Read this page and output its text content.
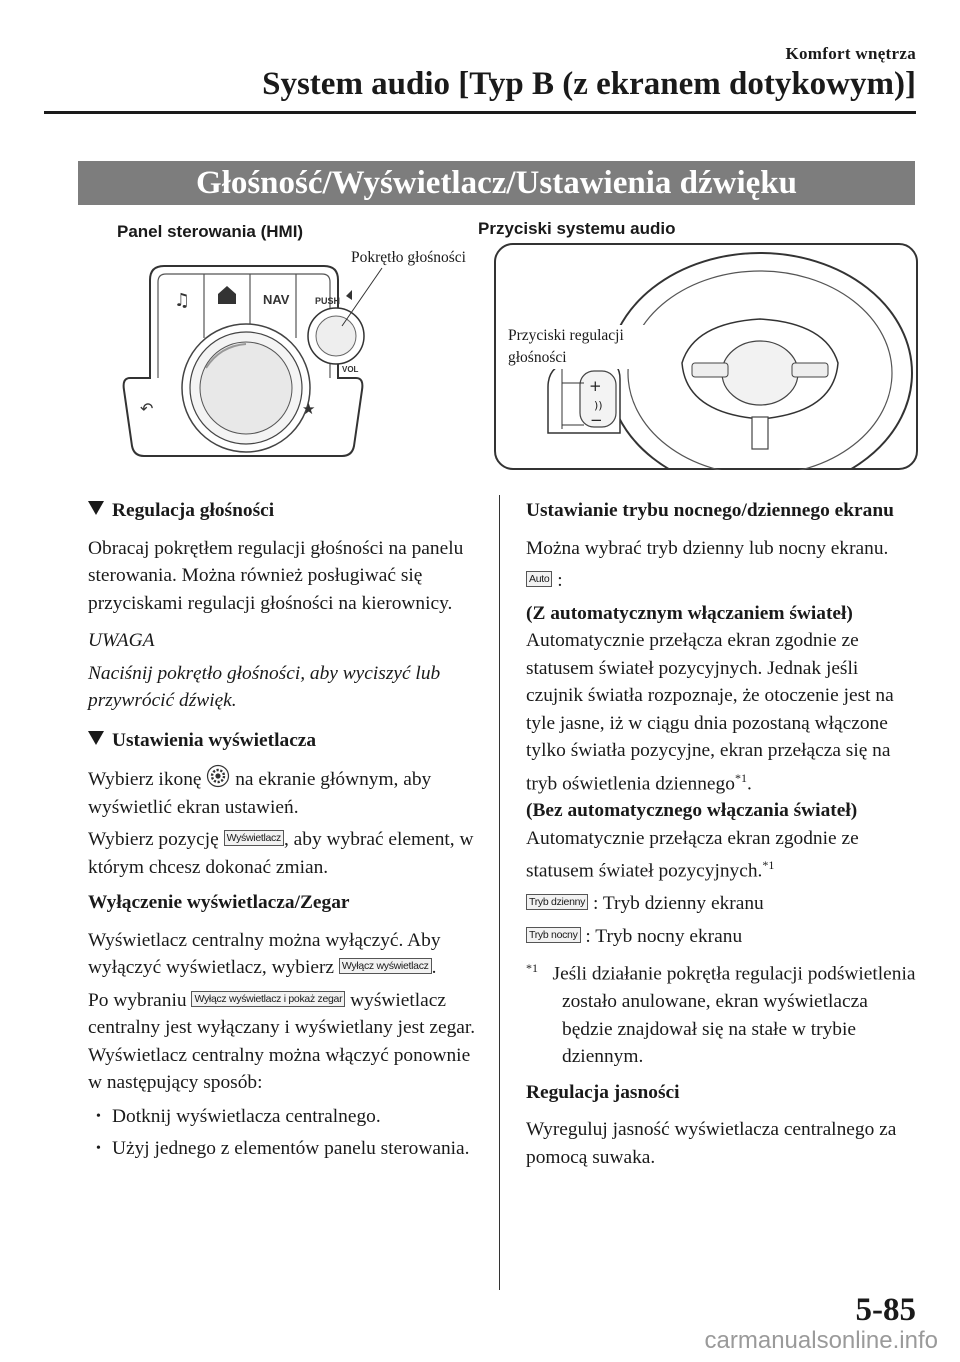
Komfort wnętrza
System audio [Typ B (z ekranem dotykowym)]
Głośność/Wyświetlacz/Ustawienia dźwięku
Panel sterowania (HMI)	Przyciski systemu audio
Pokrętło głośności
♫	NAV
↶	★
PUSH
VOL
+
−
))
Przyciski regulacji
głośności

Regulacja głośności

Obracaj pokrętłem regulacji głośności na panelu sterowania. Można również posługiwać się przyciskami regulacji głośności na kierownicy.

UWAGA

Naciśnij pokrętło głośności, aby wyciszyć lub przywrócić dźwięk.

Ustawienia wyświetlacza

Wybierz ikonę na ekranie głównym, aby wyświetlić ekran ustawień.

Wybierz pozycję Wyświetlacz , aby wybrać element, w którym chcesz dokonać zmian.

Wyłączenie wyświetlacza/Zegar

Wyświetlacz centralny można wyłączyć. Aby wyłączyć wyświetlacz, wybierz Wyłącz wyświetlacz .

Po wybraniu Wyłącz wyświetlacz i pokaż zegar wyświetlacz centralny jest wyłączany i wyświetlany jest zegar.

Wyświetlacz centralny można włączyć ponownie w następujący sposób:

• Dotknij wyświetlacza centralnego.

• Użyj jednego z elementów panelu sterowania.

Ustawianie trybu nocnego/dziennego ekranu

Można wybrać tryb dzienny lub nocny ekranu.

Auto :

(Z automatycznym włączaniem świateł)

Automatycznie przełącza ekran zgodnie ze statusem świateł pozycyjnych. Jednak jeśli czujnik światła rozpoznaje, że otoczenie jest na tyle jasne, iż w ciągu dnia pozostaną włączone tylko światła pozycyjne, ekran przełącza się na tryb oświetlenia dziennego$^{*1}$.

(Bez automatycznego włączania świateł)

Automatycznie przełącza ekran zgodnie ze statusem świateł pozycyjnych.$^{*1}$

Tryb dzienny : Tryb dzienny ekranu

Tryb nocny : Tryb nocny ekranu

$^{*1}$ Jeśli działanie pokrętła regulacji podświetlenia zostało anulowane, ekran wyświetlacza będzie znajdował się na stałe w trybie dziennym.

Regulacja jasności

Wyreguluj jasność wyświetlacza centralnego za pomocą suwaka.

5-85
carmanualsonline.info
